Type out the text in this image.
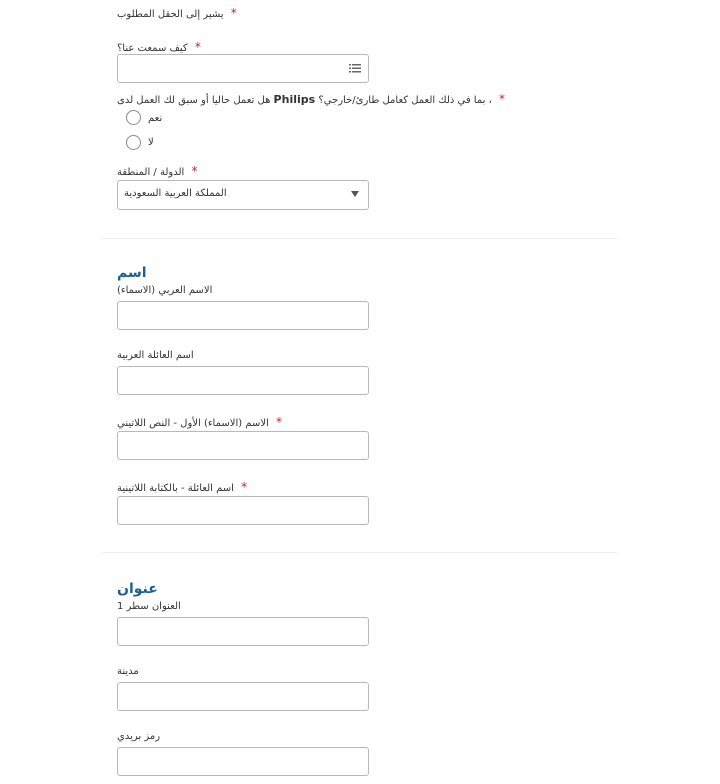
* يشير إلى الحقل المطلوب
* كيف سمعت عنا؟
* ، بما في ذلك العمل كعامل طارئ/خارجي؟ Philips هل تعمل حاليا أو سبق لك العمل لدى
نعم
لا
* الدولة / المنطقة
المملكة العربية السعودية
اسم
الاسم العربي (الاسماء)
اسم العائلة العربية
* الاسم (الاسماء) الأول - النص اللاتيني
* اسم العائلة - بالكتابة اللاتينية
عنوان
العنوان سطر 1
مدينة
رمز بريدي
